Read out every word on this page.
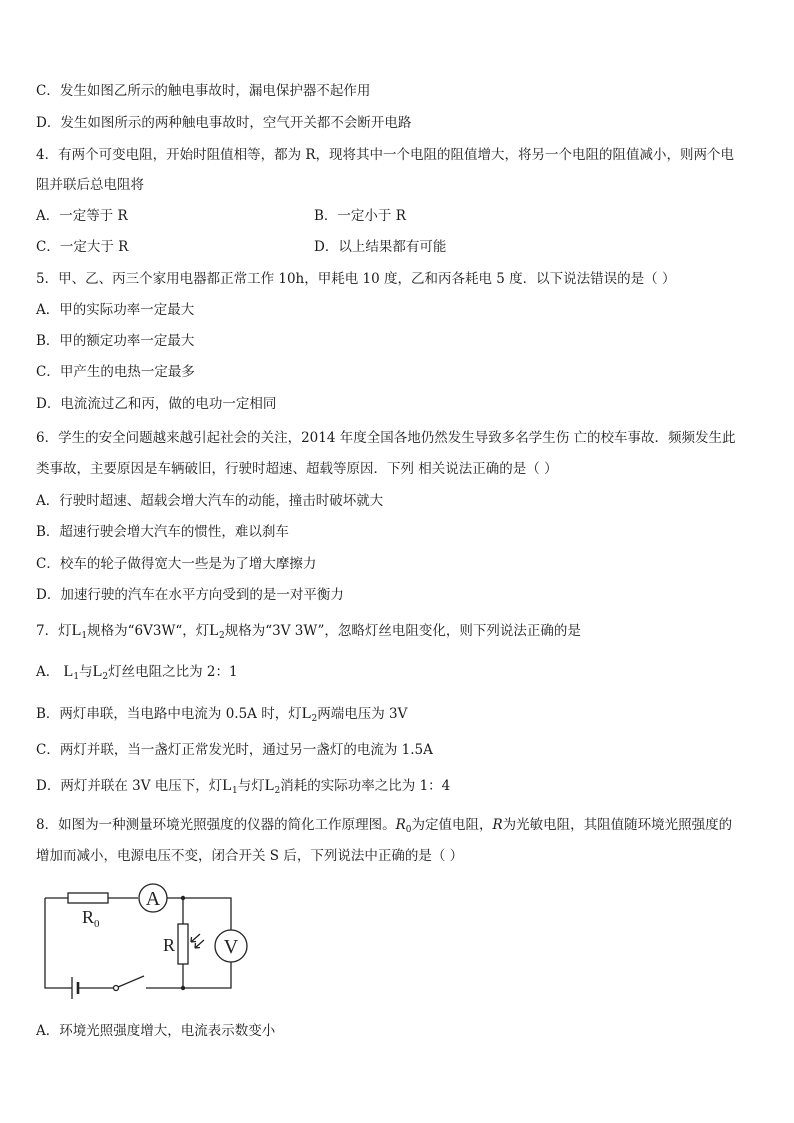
C．发生如图乙所示的触电事故时，漏电保护器不起作用
D．发生如图所示的两种触电事故时，空气开关都不会断开电路
4．有两个可变电阻，开始时阻值相等，都为 R，现将其中一个电阻的阻值增大，将另一个电阻的阻值减小，则两个电
阻并联后总电阻将
A．一定等于 R	B．一定小于 R
C．一定大于 R	D．以上结果都有可能
5．甲、乙、丙三个家用电器都正常工作 10h，甲耗电 10 度，乙和丙各耗电 5 度．以下说法错误的是（ ）
A．甲的实际功率一定最大
B．甲的额定功率一定最大
C．甲产生的电热一定最多
D．电流流过乙和丙，做的电功一定相同
6．学生的安全问题越来越引起社会的关注，2014 年度全国各地仍然发生导致多名学生伤 亡的校车事故．频频发生此
类事故，主要原因是车辆破旧，行驶时超速、超载等原因．下列 相关说法正确的是（ ）
A．行驶时超速、超载会增大汽车的动能，撞击时破坏就大
B．超速行驶会增大汽车的惯性，难以刹车
C．校车的轮子做得宽大一些是为了增大摩擦力
D．加速行驶的汽车在水平方向受到的是一对平衡力
7．灯$L_1$规格为“6V3W“，灯$L_2$规格为“3V 3W”，忽略灯丝电阻变化，则下列说法正确的是
A． $L_1$与$L_2$灯丝电阻之比为 2：1
B．两灯串联，当电路中电流为 0.5A 时，灯$L_2$两端电压为 3V
C．两灯并联，当一盏灯正常发光时，通过另一盏灯的电流为 1.5A
D．两灯并联在 3V 电压下，灯$L_1$与灯$L_2$消耗的实际功率之比为 1：4
8．如图为一种测量环境光照强度的仪器的简化工作原理图。$R_0$为定值电阻，R为光敏电阻，其阻值随环境光照强度的
增加而减小，电源电压不变，闭合开关 S 后，下列说法中正确的是（ ）
$R_0$
R
A
V
A．环境光照强度增大，电流表示数变小
